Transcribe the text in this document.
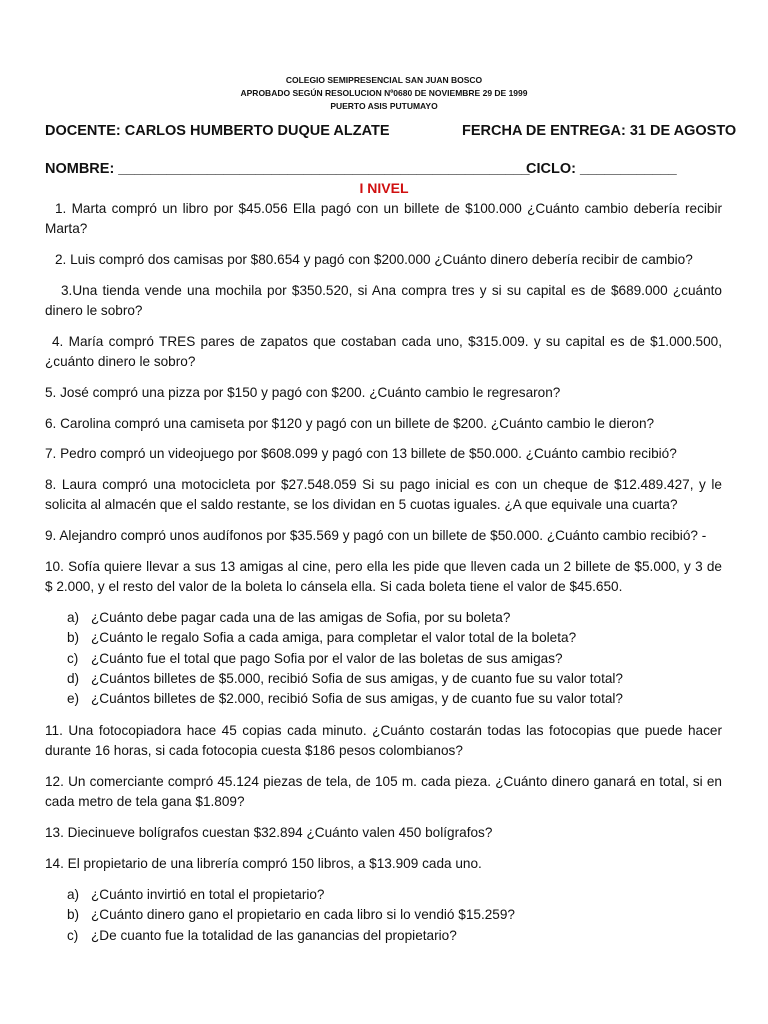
COLEGIO SEMIPRESENCIAL SAN JUAN BOSCO
APROBADO SEGÚN RESOLUCION Nº0680 DE NOVIEMBRE 29 DE 1999
PUERTO ASIS PUTUMAYO
DOCENTE: CARLOS HUMBERTO DUQUE ALZATE	FERCHA DE ENTREGA: 31 DE AGOSTO
NOMBRE: ___________________________________________________
CICLO: ____________
I NIVEL
1. Marta compró un libro por $45.056 Ella pagó con un billete de $100.000 ¿Cuánto cambio debería recibir Marta?
2. Luis compró dos camisas por $80.654 y pagó con $200.000 ¿Cuánto dinero debería recibir de cambio?
3.Una tienda vende una mochila por $350.520, si Ana compra tres y si su capital es de $689.000 ¿cuánto dinero le sobro?
4. María compró TRES pares de zapatos que costaban cada uno, $315.009. y su capital es de $1.000.500, ¿cuánto dinero le sobro?
5. José compró una pizza por $150 y pagó con $200. ¿Cuánto cambio le regresaron?
6. Carolina compró una camiseta por $120 y pagó con un billete de $200. ¿Cuánto cambio le dieron?
7. Pedro compró un videojuego por $608.099 y pagó con 13 billete de $50.000. ¿Cuánto cambio recibió?
8. Laura compró una motocicleta por $27.548.059 Si su pago inicial es con un cheque de $12.489.427, y le solicita al almacén que el saldo restante, se los dividan en 5 cuotas iguales. ¿A que equivale una cuarta?
9. Alejandro compró unos audífonos por $35.569 y pagó con un billete de $50.000. ¿Cuánto cambio recibió? -
10. Sofía quiere llevar a sus 13 amigas al cine, pero ella les pide que lleven cada un 2 billete de $5.000, y 3 de $ 2.000, y el resto del valor de la boleta lo cánsela ella. Si cada boleta tiene el valor de $45.650.
a) ¿Cuánto debe pagar cada una de las amigas de Sofia, por su boleta?
b) ¿Cuánto le regalo Sofia a cada amiga, para completar el valor total de la boleta?
c) ¿Cuánto fue el total que pago Sofia por el valor de las boletas de sus amigas?
d) ¿Cuántos billetes de $5.000, recibió Sofia de sus amigas, y de cuanto fue su valor total?
e) ¿Cuántos billetes de $2.000, recibió Sofia de sus amigas, y de cuanto fue su valor total?
11. Una fotocopiadora hace 45 copias cada minuto. ¿Cuánto costarán todas las fotocopias que puede hacer durante 16 horas, si cada fotocopia cuesta $186 pesos colombianos?
12. Un comerciante compró 45.124 piezas de tela, de 105 m. cada pieza. ¿Cuánto dinero ganará en total, si en cada metro de tela gana $1.809?
13. Diecinueve bolígrafos cuestan $32.894 ¿Cuánto valen 450 bolígrafos?
14. El propietario de una librería compró 150 libros, a $13.909 cada uno.
a) ¿Cuánto invirtió en total el propietario?
b) ¿Cuánto dinero gano el propietario en cada libro si lo vendió $15.259?
c) ¿De cuanto fue la totalidad de las ganancias del propietario?
